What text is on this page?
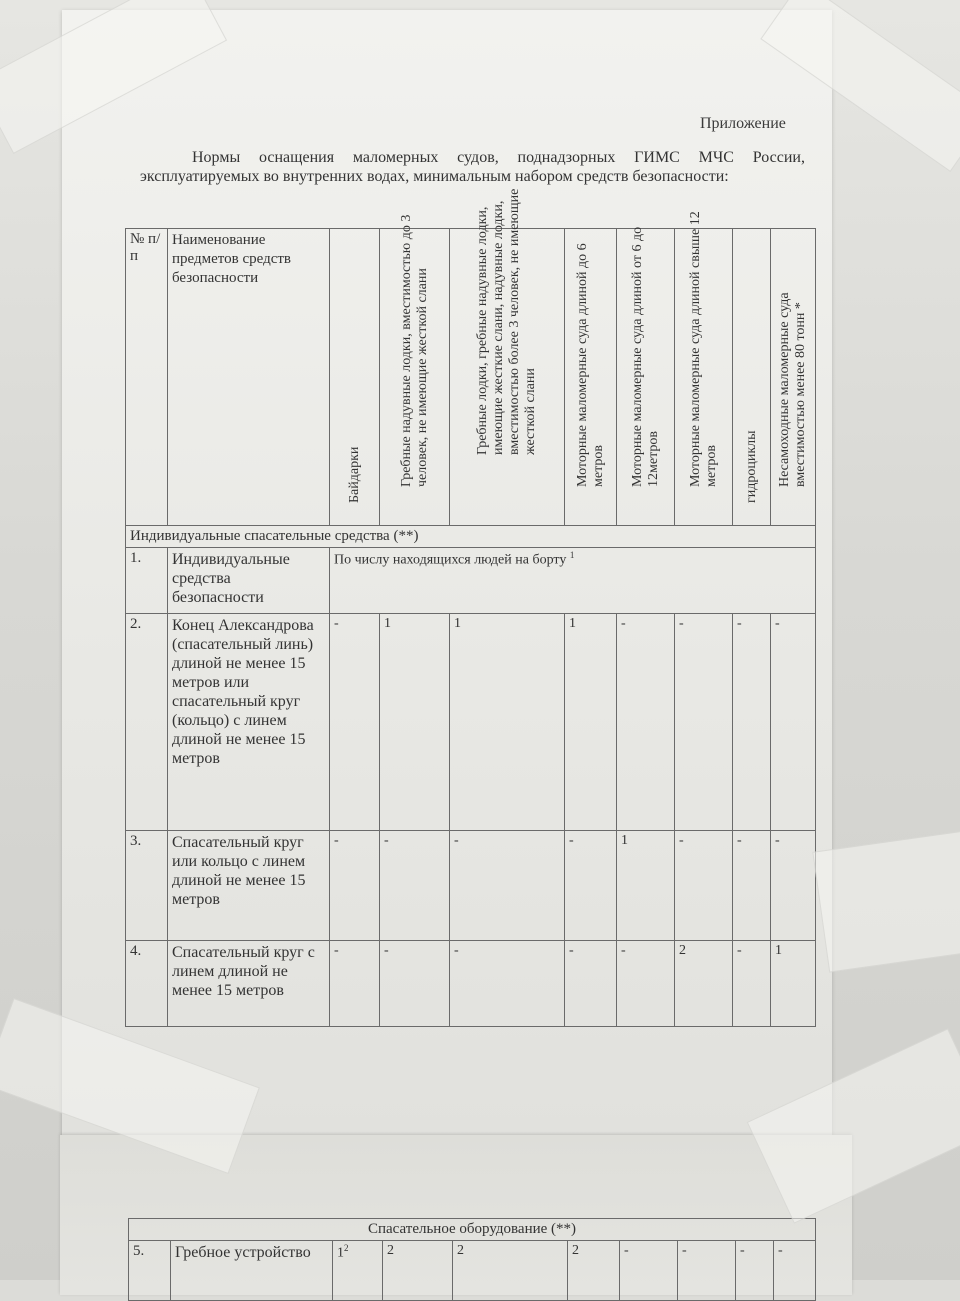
Приложение
Нормы оснащения маломерных судов, поднадзорных ГИМС МЧС России, эксплуатируемых во внутренних водах, минимальным набором средств безопасности:
№ п/п	Наименование предметов средств безопасности	Байдарки	Гребные надувные лодки, вместимостью до 3 человек, не имеющие жесткой слани	Гребные лодки, гребные надувные лодки, имеющие жесткие слани, надувные лодки, вместимостью более 3 человек, не имеющие жесткой слани	Моторные маломерные суда длиной до 6 метров	Моторные маломерные суда длиной от 6 до 12метров	Моторные маломерные суда длиной свыше 12 метров	гидроциклы	Несамоходные маломерные суда вместимостью менее 80 тонн *

Индивидуальные спасательные средства (**)									
1.	Индивидуальные средства безопасности	По числу находящихся людей на борту $^1$
2.	Конец Александрова (спасательный линь) длиной не менее 15 метров или спасательный круг (кольцо) с линем длиной не менее 15 метров	-	1	1	1	-	-	-	-
3.	Спасательный круг или кольцо с линем длиной не менее 15 метров	-	-	-	-	1	-	-	-
4.	Спасательный круг с линем длиной не менее 15 метров	-	-	-	-	-	2	-	1
Спасательное оборудование (**)
5.	Гребное устройство	$1^2$	2	2	2	-	-	-	-
